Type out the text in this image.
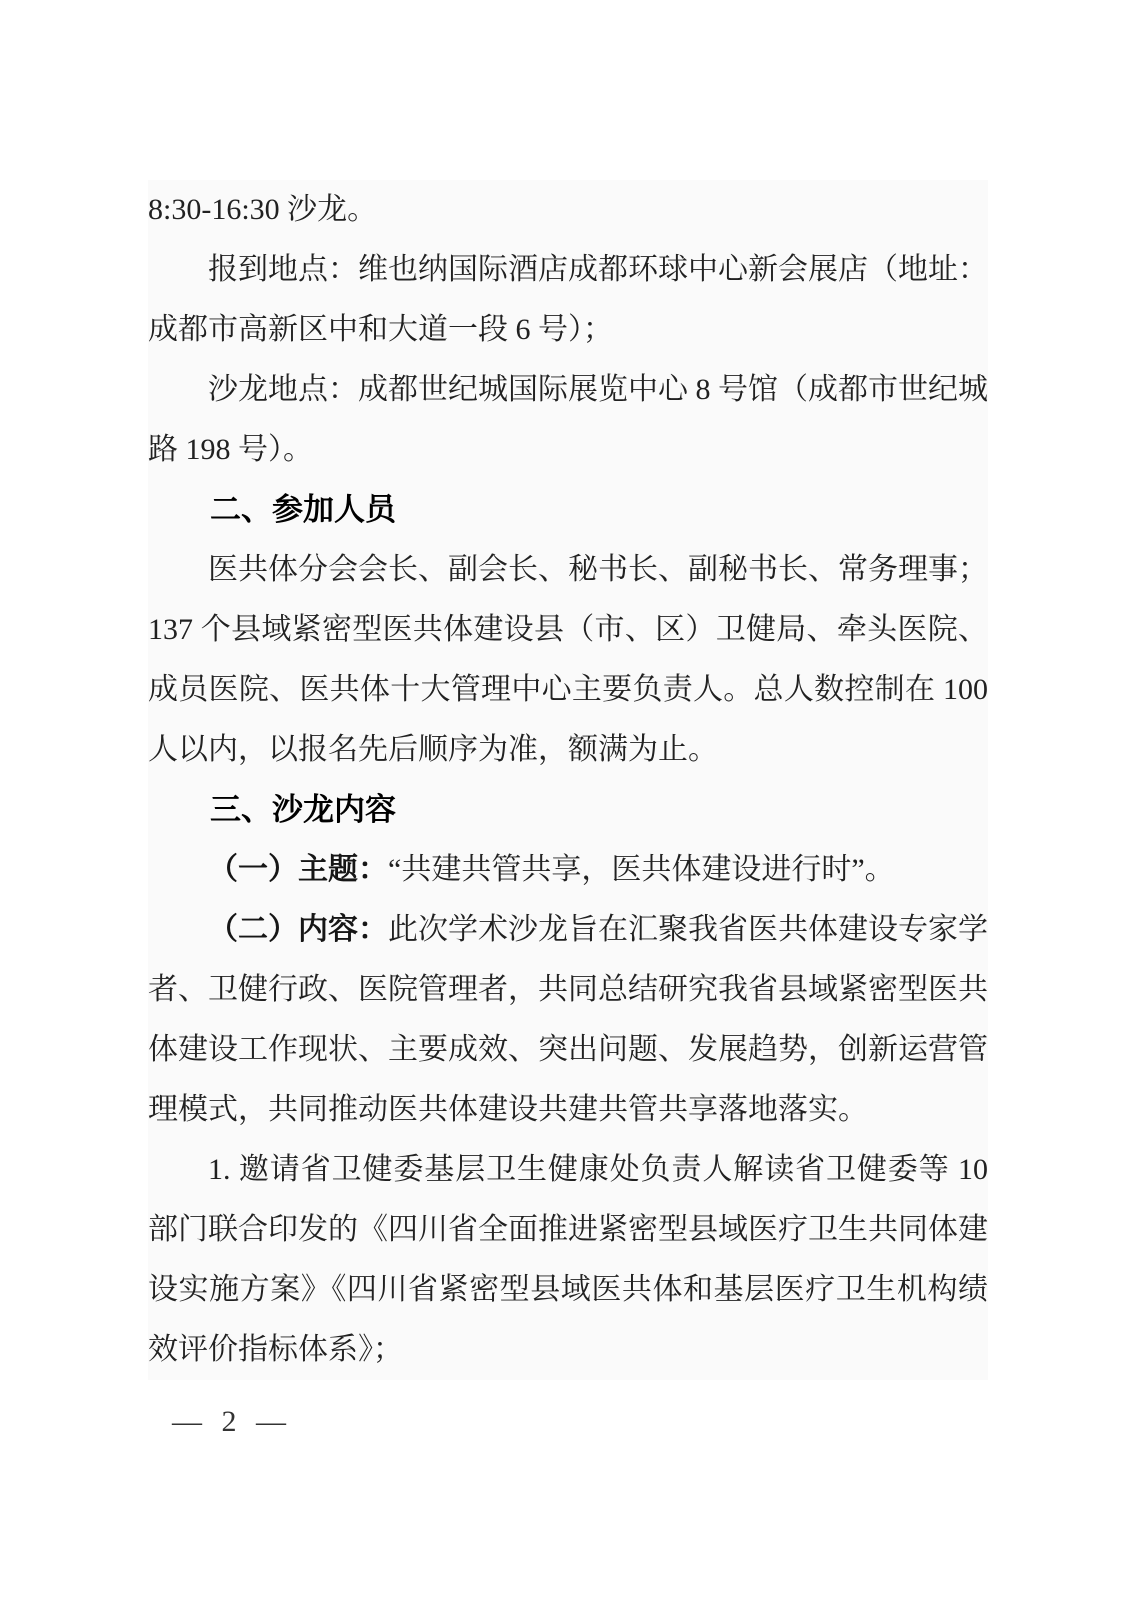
8:30-16:30 沙龙。

报到地点：维也纳国际酒店成都环球中心新会展店（地址：成都市高新区中和大道一段 6 号）；

沙龙地点：成都世纪城国际展览中心 8 号馆（成都市世纪城路 198 号）。

二、参加人员

医共体分会会长、副会长、秘书长、副秘书长、常务理事；137 个县域紧密型医共体建设县（市、区）卫健局、牵头医院、成员医院、医共体十大管理中心主要负责人。总人数控制在 100 人以内，以报名先后顺序为准，额满为止。

三、沙龙内容

（一）主题：“共建共管共享，医共体建设进行时”。

（二）内容：此次学术沙龙旨在汇聚我省医共体建设专家学者、卫健行政、医院管理者，共同总结研究我省县域紧密型医共体建设工作现状、主要成效、突出问题、发展趋势，创新运营管理模式，共同推动医共体建设共建共管共享落地落实。

1. 邀请省卫健委基层卫生健康处负责人解读省卫健委等 10 部门联合印发的《四川省全面推进紧密型县域医疗卫生共同体建设实施方案》《四川省紧密型县域医共体和基层医疗卫生机构绩效评价指标体系》；

— 2 —
